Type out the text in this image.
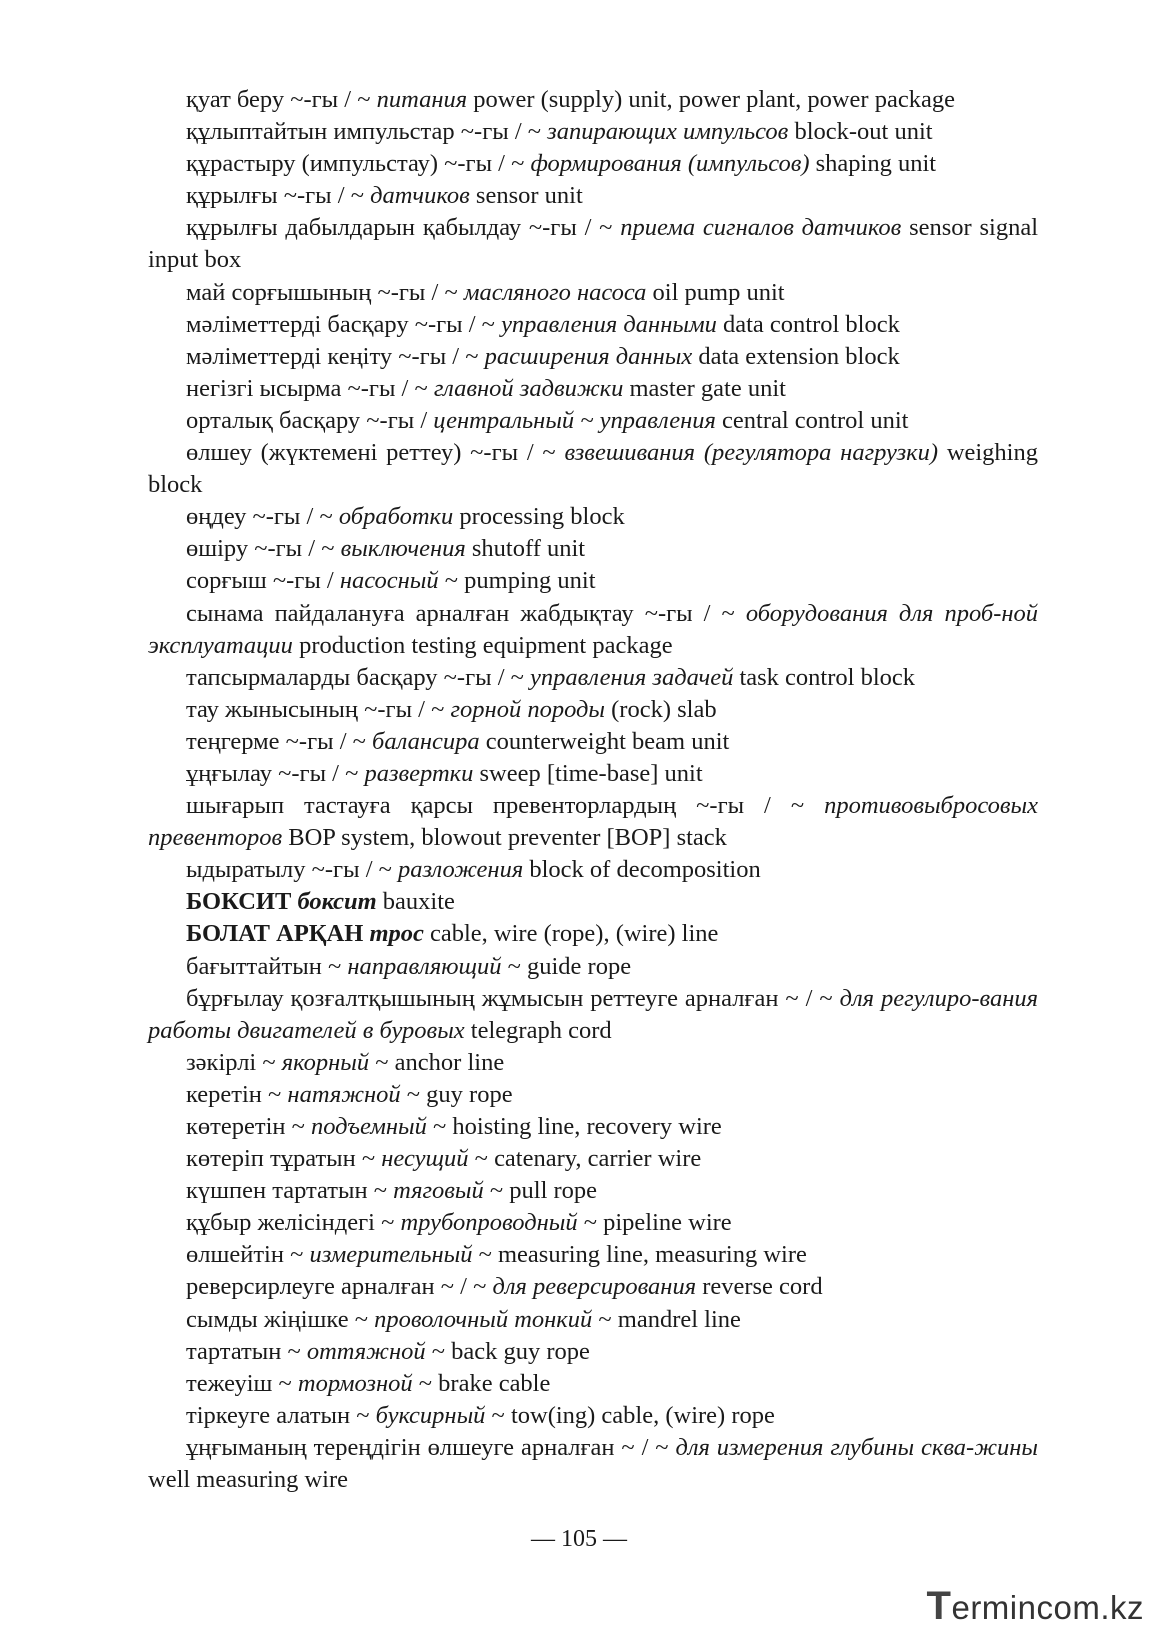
қуат беру ~-гы / ~ питания power (supply) unit, power plant, power package

құлыптайтын импульстар ~-гы / ~ запирающих импульсов block-out unit

құрастыру (импульстау) ~-гы / ~ формирования (импульсов) shaping unit

құрылғы ~-гы / ~ датчиков sensor unit

құрылғы дабылдарын қабылдау ~-гы / ~ приема сигналов датчиков sensor signal input box

май сорғышының ~-гы / ~ масляного насоса oil pump unit

мәліметтерді басқару ~-гы / ~ управления данными data control block

мәліметтерді кеңіту ~-гы / ~ расширения данных data extension block

негізгі ысырма ~-гы / ~ главной задвижки master gate unit

орталық басқару ~-гы / центральный ~ управления central control unit

өлшеу (жүктемені реттеу) ~-гы / ~ взвешивания (регулятора нагрузки) weighing block

өңдеу ~-гы / ~ обработки processing block

өшіру ~-гы / ~ выключения shutoff unit

сорғыш ~-гы / насосный ~ pumping unit

сынама пайдалануға арналған жабдықтау ~-гы / ~ оборудования для проб-ной эксплуатации production testing equipment package

тапсырмаларды басқару ~-гы / ~ управления задачей task control block

тау жынысының ~-гы / ~ горной породы (rock) slab

теңгерме ~-гы / ~ балансира counterweight beam unit

ұңғылау ~-гы / ~ развертки sweep [time-base] unit

шығарып тастауға қарсы превенторлардың ~-гы / ~ противовыбросовых превенторов BOP system, blowout preventer [BOP] stack

ыдыратылу ~-гы / ~ разложения block of decomposition

БОКСИТ боксит bauxite

БОЛАТ АРҚАН трос cable, wire (rope), (wire) line

бағыттайтын ~ направляющий ~ guide rope

бұрғылау қозғалтқышының жұмысын реттеуге арналған ~ / ~ для регулиро-вания работы двигателей в буровых telegraph cord

зәкірлі ~ якорный ~ anchor line

керетін ~ натяжной ~ guy rope

көтеретін ~ подъемный ~ hoisting line, recovery wire

көтеріп тұратын ~ несущий ~ catenary, carrier wire

күшпен тартатын ~ тяговый ~ pull rope

құбыр желісіндегі ~ трубопроводный ~ pipeline wire

өлшейтін ~ измерительный ~ measuring line, measuring wire

реверсирлеуге арналған ~ / ~ для реверсирования reverse cord

сымды жіңішке ~ проволочный тонкий ~ mandrel line

тартатын ~ оттяжной ~ back guy rope

тежеуіш ~ тормозной ~ brake cable

тіркеуге алатын ~ буксирный ~ tow(ing) cable, (wire) rope

ұңғыманың тереңдігін өлшеуге арналған ~ / ~ для измерения глубины сква-жины well measuring wire

— 105 —
Termincom.kz
